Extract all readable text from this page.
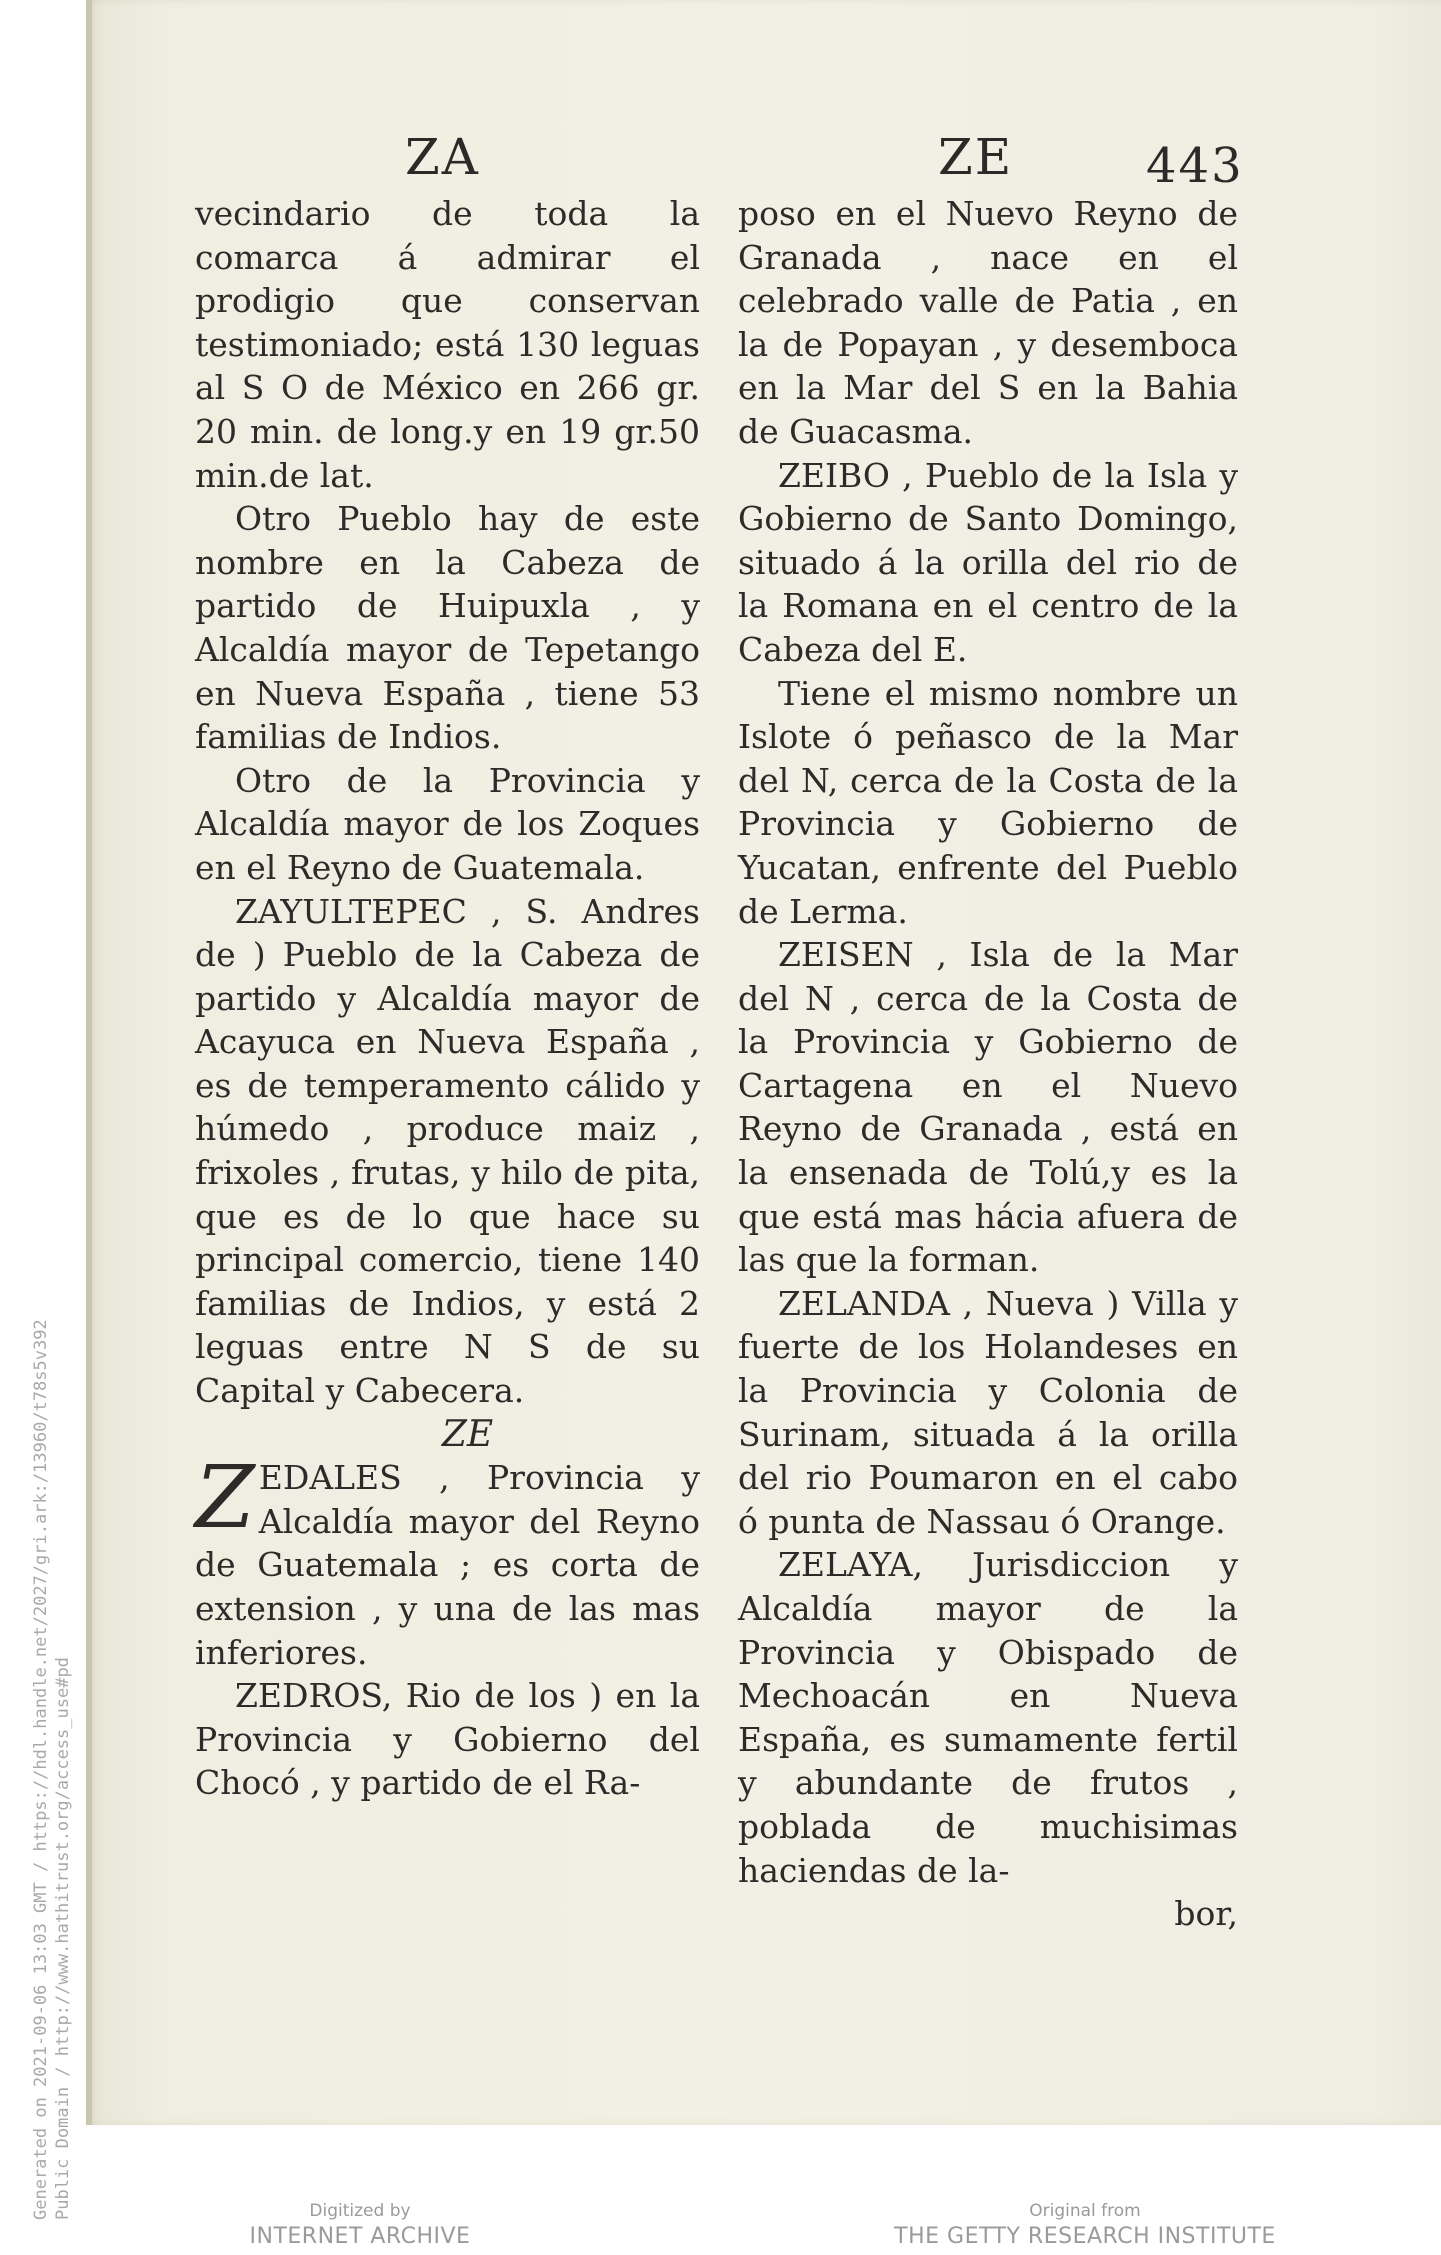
Generated on 2021-09-06 13:03 GMT / https://hdl.handle.net/2027/gri.ark:/13960/t78s5v392 Public Domain / http://www.hathitrust.org/access_use#pd
ZA	ZE	443

vecindario de toda la comarca á admirar el prodigio que conservan testimoniado; está 130 leguas al S O de México en 266 gr. 20 min. de long.y en 19 gr.50 min.de lat.

Otro Pueblo hay de este nombre en la Cabeza de partido de Huipuxla , y Alcaldía mayor de Tepetango en Nueva España , tiene 53 familias de Indios.

Otro de la Provincia y Alcaldía mayor de los Zoques en el Reyno de Guatemala.

ZAYULTEPEC , S. Andres de ) Pueblo de la Cabeza de partido y Alcaldía mayor de Acayuca en Nueva España , es de temperamento cálido y húmedo , produce maiz , frixoles , frutas, y hilo de pita, que es de lo que hace su principal comercio, tiene 140 familias de Indios, y está 2 leguas entre N S de su Capital y Cabecera.

ZE

ZEDALES , Provincia y Alcaldía mayor del Reyno de Guatemala ; es corta de extension , y una de las mas inferiores.

ZEDROS, Rio de los ) en la Provincia y Gobierno del Chocó , y partido de el Ra-

poso en el Nuevo Reyno de Granada , nace en el celebrado valle de Patia , en la de Popayan , y desemboca en la Mar del S en la Bahia de Guacasma.

ZEIBO , Pueblo de la Isla y Gobierno de Santo Domingo, situado á la orilla del rio de la Romana en el centro de la Cabeza del E.

Tiene el mismo nombre un Islote ó peñasco de la Mar del N, cerca de la Costa de la Provincia y Gobierno de Yucatan, enfrente del Pueblo de Lerma.

ZEISEN , Isla de la Mar del N , cerca de la Costa de la Provincia y Gobierno de Cartagena en el Nuevo Reyno de Granada , está en la ensenada de Tolú,y es la que está mas hácia afuera de las que la forman.

ZELANDA , Nueva ) Villa y fuerte de los Holandeses en la Provincia y Colonia de Surinam, situada á la orilla del rio Poumaron en el cabo ó punta de Nassau ó Orange.

ZELAYA, Jurisdiccion y Alcaldía mayor de la Provincia y Obispado de Mechoacán en Nueva España, es sumamente fertil y abundante de frutos , poblada de muchisimas haciendas de la-

bor,

Digitized by
INTERNET ARCHIVE
Original from
THE GETTY RESEARCH INSTITUTE
